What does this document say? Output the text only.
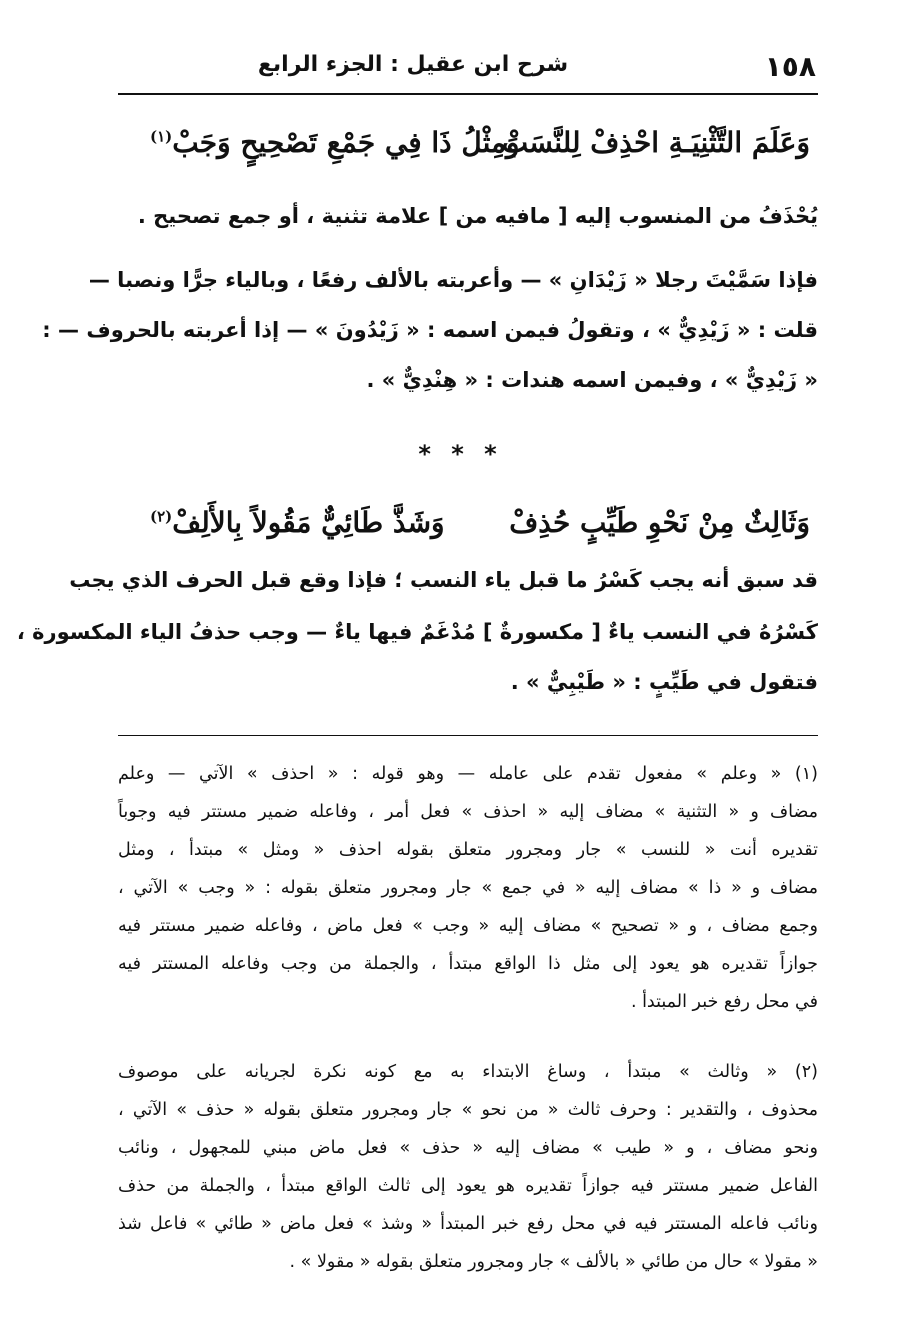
١٥٨
شرح ابن عقيل : الجزء الرابع
وَعَلَمَ التَّثْنِيَـةِ احْذِفْ لِلنَّسَبْ
وَمِثْلُ ذَا فِي جَمْعِ تَصْحِيحٍ وَجَبْ$^{(١)}$
يُحْذَفُ من المنسوب إليه [ مافيه من ] علامة تثنية ، أو جمع تصحيح .
فإذا سَمَّيْتَ رجلا « زَيْدَانِ » — وأعربته بالألف رفعًا ، وبالياء جرًّا ونصبا —
قلت : « زَيْدِيٌّ » ، وتقولُ فيمن اسمه : « زَيْدُونَ » — إذا أعربته بالحروف — :
« زَيْدِيٌّ » ، وفيمن اسمه هندات : « هِنْدِيٌّ » .
* * *
وَثَالِثٌ مِنْ نَحْوِ طَيِّبٍ حُذِفْ
وَشَذَّ طَائِيٌّ مَقُولاً بِالأَلِفْ$^{(٢)}$
قد سبق أنه يجب كَسْرُ ما قبل ياء النسب ؛ فإذا وقع قبل الحرف الذي يجب
كَسْرُهُ في النسب ياءٌ [ مكسورةٌ ] مُدْغَمٌ فيها ياءٌ — وجب حذفُ الياء المكسورة ،
فتقول في طَيِّبٍ : « طَيْبِيٌّ » .
(١) « وعلم » مفعول تقدم على عامله — وهو قوله : « احذف » الآتي — وعلم
مضاف و « التثنية » مضاف إليه « احذف » فعل أمر ، وفاعله ضمير مستتر فيه وجوباً
تقديره أنت « للنسب » جار ومجرور متعلق بقوله احذف « ومثل » مبتدأ ، ومثل
مضاف و « ذا » مضاف إليه « في جمع » جار ومجرور متعلق بقوله : « وجب » الآتي ،
وجمع مضاف ، و « تصحيح » مضاف إليه « وجب » فعل ماض ، وفاعله ضمير مستتر فيه
جوازاً تقديره هو يعود إلى مثل ذا الواقع مبتدأ ، والجملة من وجب وفاعله المستتر فيه
في محل رفع خبر المبتدأ .
(٢) « وثالث » مبتدأ ، وساغ الابتداء به مع كونه نكرة لجريانه على موصوف
محذوف ، والتقدير : وحرف ثالث « من نحو » جار ومجرور متعلق بقوله « حذف » الآتي ،
ونحو مضاف ، و « طيب » مضاف إليه « حذف » فعل ماض مبني للمجهول ، ونائب
الفاعل ضمير مستتر فيه جوازاً تقديره هو يعود إلى ثالث الواقع مبتدأ ، والجملة من حذف
ونائب فاعله المستتر فيه في محل رفع خبر المبتدأ « وشذ » فعل ماض « طائي » فاعل شذ
« مقولا » حال من طائي « بالألف » جار ومجرور متعلق بقوله « مقولا » .
